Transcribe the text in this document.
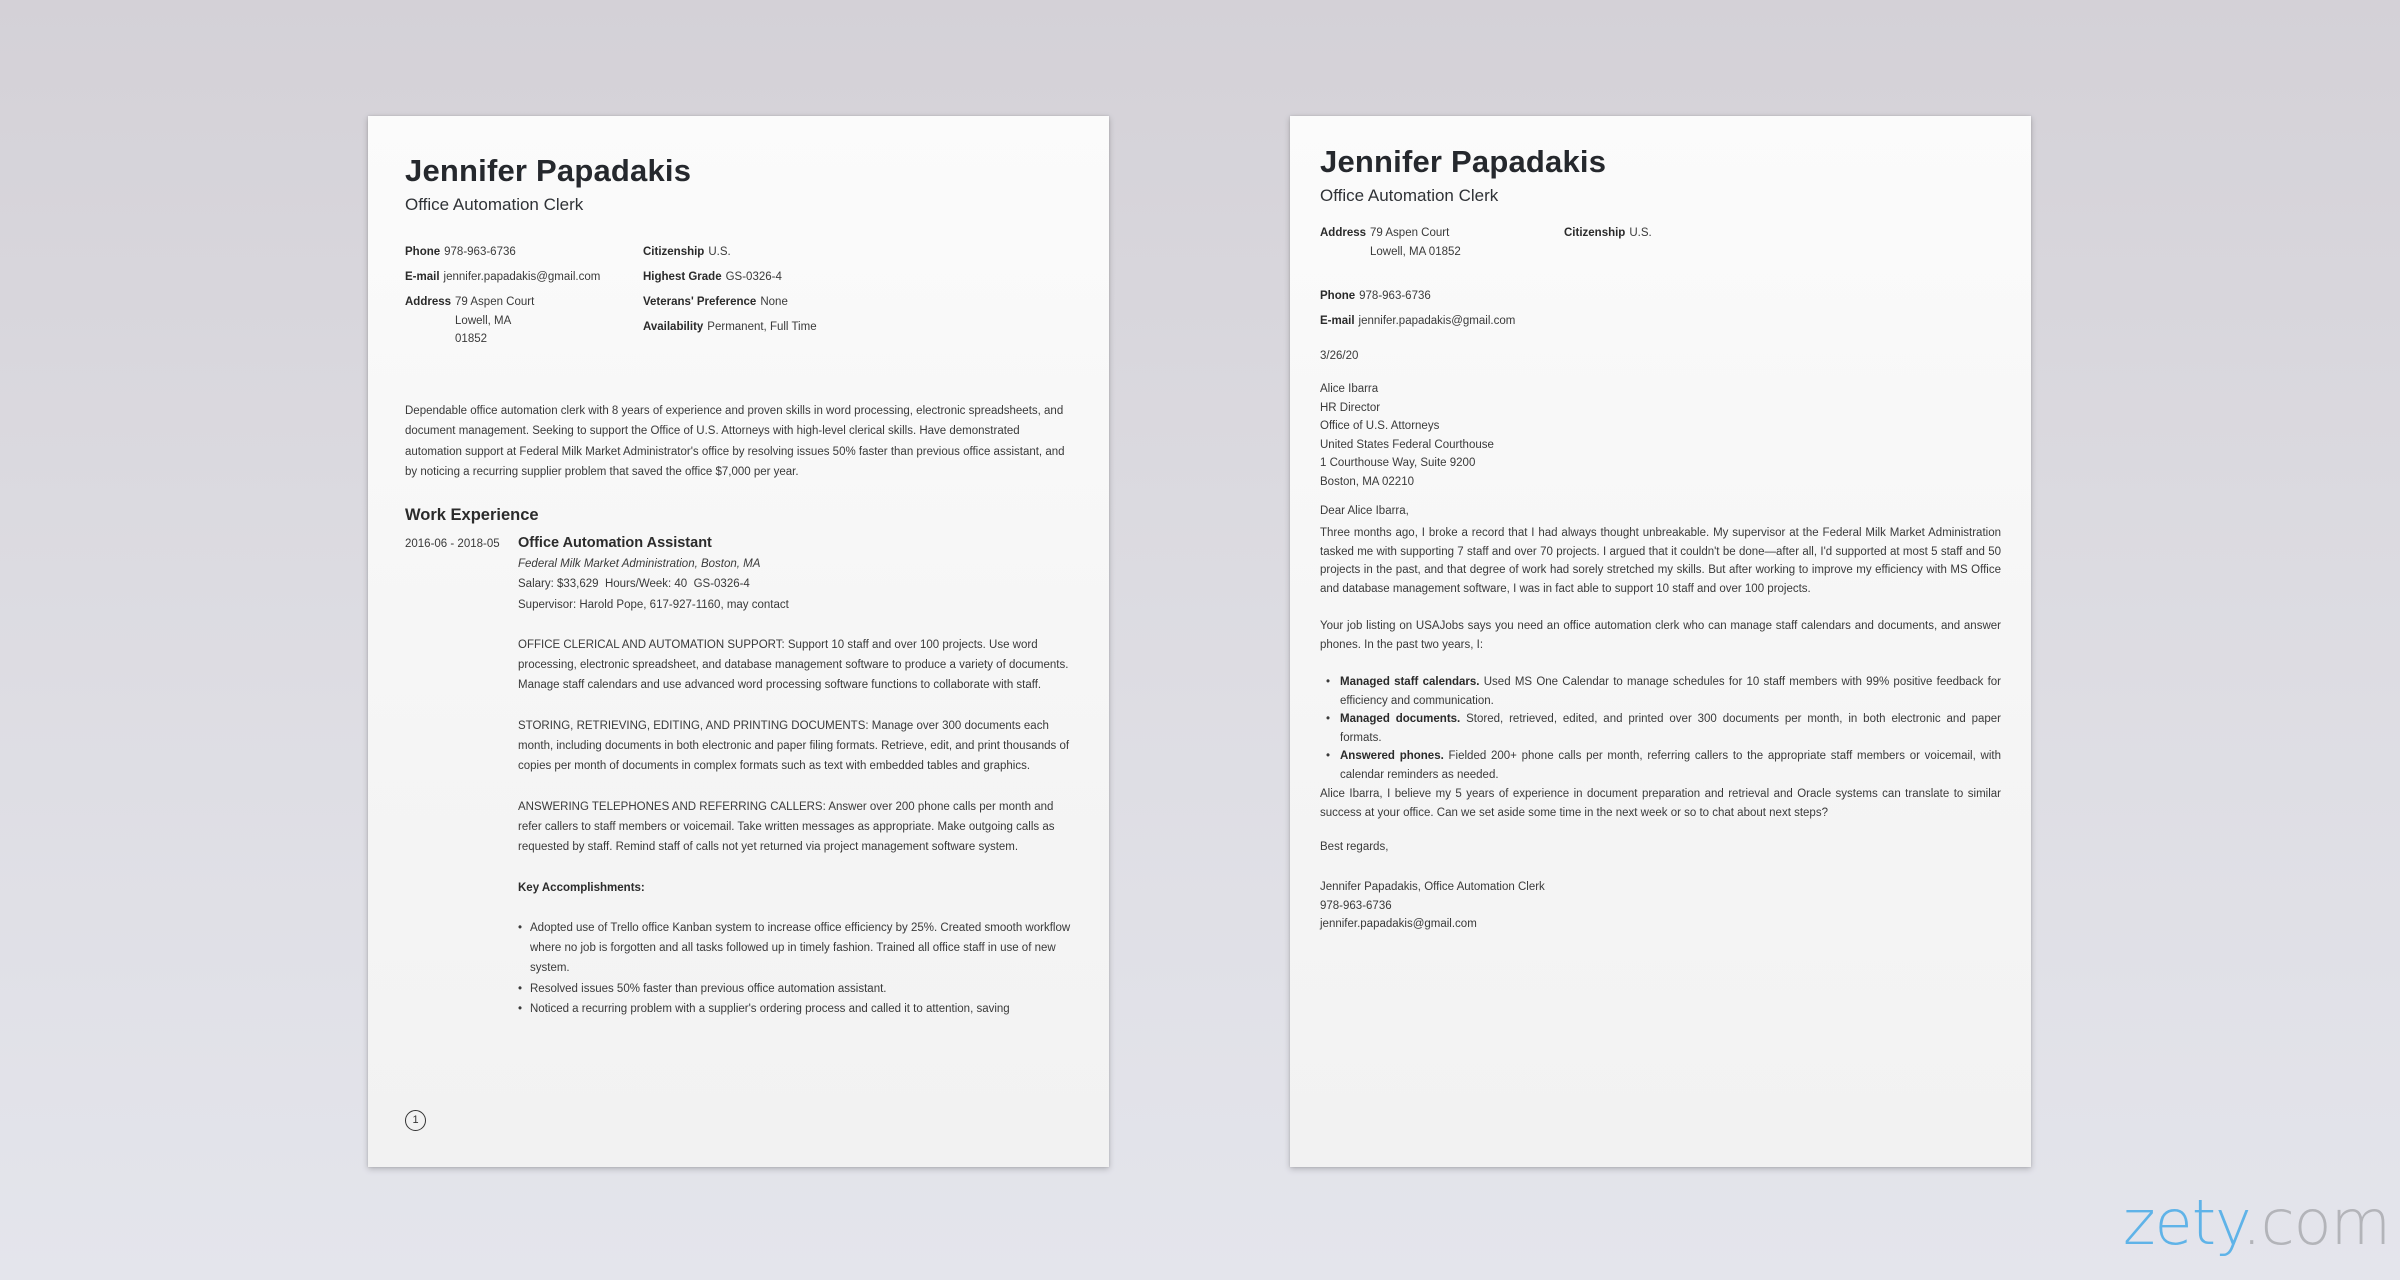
Jennifer Papadakis
Office Automation Clerk
Phone 978-963-6736
E-mail jennifer.papadakis@gmail.com
Address 79 Aspen Court
Lowell, MA
01852
Citizenship U.S.
Highest Grade GS-0326-4
Veterans' Preference None
Availability Permanent, Full Time

Dependable office automation clerk with 8 years of experience and proven skills in word processing, electronic spreadsheets, and document management. Seeking to support the Office of U.S. Attorneys with high-level clerical skills. Have demonstrated automation support at Federal Milk Market Administrator's office by resolving issues 50% faster than previous office assistant, and by noticing a recurring supplier problem that saved the office $7,000 per year.

Work Experience
2016-06 - 2018-05 Office Automation Assistant
Federal Milk Market Administration, Boston, MA
Salary: $33,629  Hours/Week: 40  GS-0326-4
Supervisor: Harold Pope, 617-927-1160, may contact

OFFICE CLERICAL AND AUTOMATION SUPPORT: Support 10 staff and over 100 projects. Use word processing, electronic spreadsheet, and database management software to produce a variety of documents. Manage staff calendars and use advanced word processing software functions to collaborate with staff.

STORING, RETRIEVING, EDITING, AND PRINTING DOCUMENTS: Manage over 300 documents each month, including documents in both electronic and paper filing formats. Retrieve, edit, and print thousands of copies per month of documents in complex formats such as text with embedded tables and graphics.

ANSWERING TELEPHONES AND REFERRING CALLERS: Answer over 200 phone calls per month and refer callers to staff members or voicemail. Take written messages as appropriate. Make outgoing calls as requested by staff. Remind staff of calls not yet returned via project management software system.

Key Accomplishments:

• Adopted use of Trello office Kanban system to increase office efficiency by 25%. Created smooth workflow where no job is forgotten and all tasks followed up in timely fashion. Trained all office staff in use of new system.
• Resolved issues 50% faster than previous office automation assistant.
• Noticed a recurring problem with a supplier's ordering process and called it to attention, saving
1
Jennifer Papadakis
Office Automation Clerk
Address 79 Aspen Court
Lowell, MA 01852
Citizenship U.S.
Phone 978-963-6736
E-mail jennifer.papadakis@gmail.com
3/26/20
Alice Ibarra
HR Director
Office of U.S. Attorneys
United States Federal Courthouse
1 Courthouse Way, Suite 9200
Boston, MA 02210
Dear Alice Ibarra,

Three months ago, I broke a record that I had always thought unbreakable. My supervisor at the Federal Milk Market Administration tasked me with supporting 7 staff and over 70 projects. I argued that it couldn't be done—after all, I'd supported at most 5 staff and 50 projects in the past, and that degree of work had sorely stretched my skills. But after working to improve my efficiency with MS Office and database management software, I was in fact able to support 10 staff and over 100 projects.

Your job listing on USAJobs says you need an office automation clerk who can manage staff calendars and documents, and answer phones. In the past two years, I:

• Managed staff calendars. Used MS One Calendar to manage schedules for 10 staff members with 99% positive feedback for efficiency and communication.
• Managed documents. Stored, retrieved, edited, and printed over 300 documents per month, in both electronic and paper formats.
• Answered phones. Fielded 200+ phone calls per month, referring callers to the appropriate staff members or voicemail, with calendar reminders as needed.

Alice Ibarra, I believe my 5 years of experience in document preparation and retrieval and Oracle systems can translate to similar success at your office. Can we set aside some time in the next week or so to chat about next steps?

Best regards,
Jennifer Papadakis, Office Automation Clerk
978-963-6736
jennifer.papadakis@gmail.com
zety.com
